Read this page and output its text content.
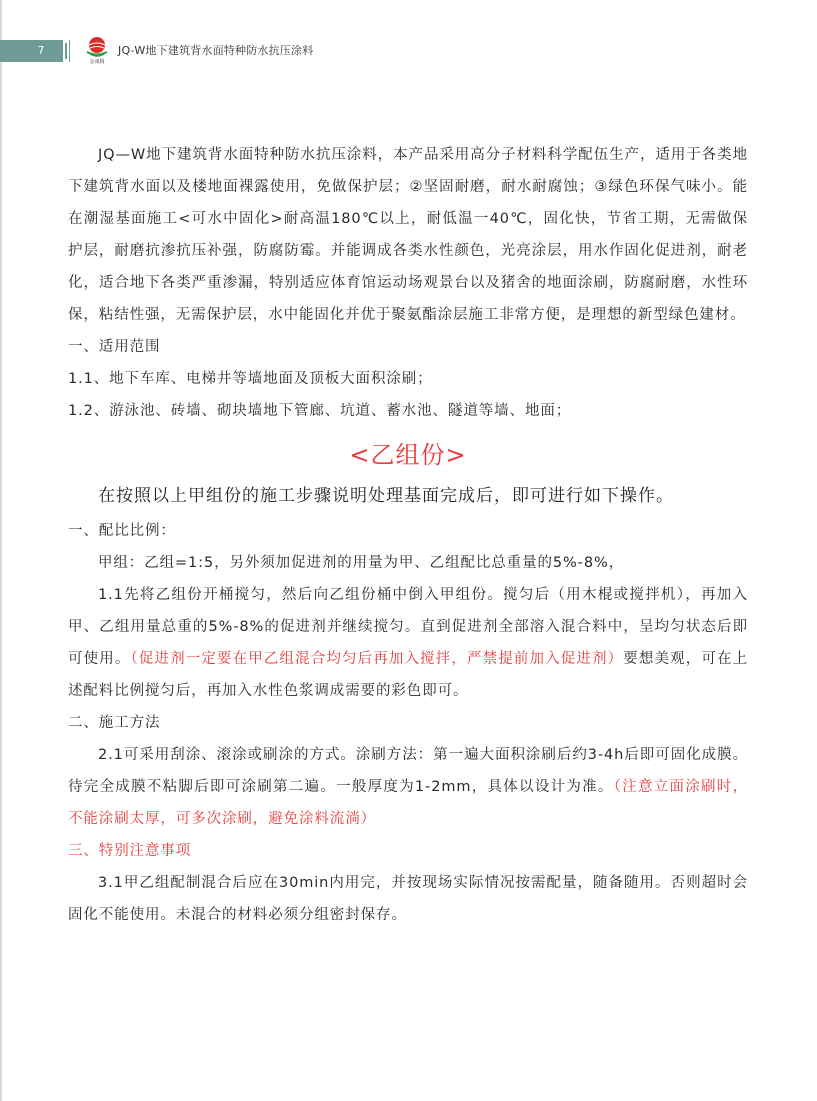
7
金诚腾
JQ-W地下建筑背水面特种防水抗压涂料

JQ—W地下建筑背水面特种防水抗压涂料，本产品采用高分子材料科学配伍生产，适用于各类地下建筑背水面以及楼地面裸露使用，免做保护层；②坚固耐磨，耐水耐腐蚀；③绿色环保气味小。能在潮湿基面施工<可水中固化>耐高温180℃以上，耐低温一40℃，固化快，节省工期，无需做保护层，耐磨抗渗抗压补强，防腐防霉。并能调成各类水性颜色，光亮涂层，用水作固化促进剂，耐老化，适合地下各类严重渗漏，特别适应体育馆运动场观景台以及猪舍的地面涂刷，防腐耐磨，水性环保，粘结性强，无需保护层，水中能固化并优于聚氨酯涂层施工非常方便，是理想的新型绿色建材。

一、适用范围

1.1、地下车库、电梯井等墙地面及顶板大面积涂刷；

1.2、游泳池、砖墙、砌块墙地下管廊、坑道、蓄水池、隧道等墙、地面；

<乙组份>

在按照以上甲组份的施工步骤说明处理基面完成后，即可进行如下操作。

一、配比比例：

甲组：乙组=1:5，另外须加促进剂的用量为甲、乙组配比总重量的5%-8%，

1.1先将乙组份开桶搅匀，然后向乙组份桶中倒入甲组份。搅匀后（用木棍或搅拌机），再加入甲、乙组用量总重的5%-8%的促进剂并继续搅匀。直到促进剂全部溶入混合料中，呈均匀状态后即可使用。（促进剂一定要在甲乙组混合均匀后再加入搅拌，严禁提前加入促进剂）要想美观，可在上述配料比例搅匀后，再加入水性色浆调成需要的彩色即可。

二、施工方法

2.1可采用刮涂、滚涂或刷涂的方式。涂刷方法：第一遍大面积涂刷后约3-4h后即可固化成膜。待完全成膜不粘脚后即可涂刷第二遍。一般厚度为1-2mm，具体以设计为准。（注意立面涂刷时，不能涂刷太厚，可多次涂刷，避免涂料流淌）

三、特别注意事项

3.1甲乙组配制混合后应在30min内用完，并按现场实际情况按需配量，随备随用。否则超时会固化不能使用。未混合的材料必须分组密封保存。
